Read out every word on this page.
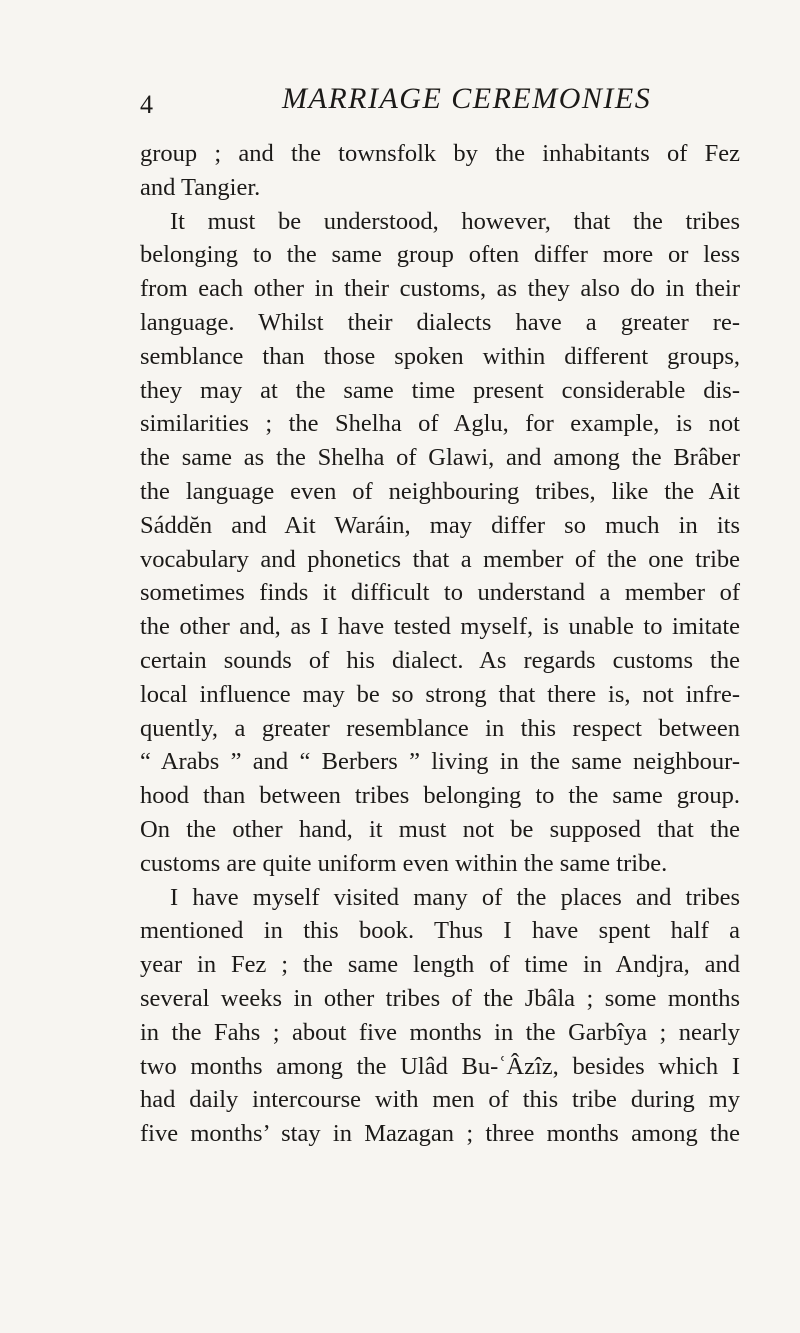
4	MARRIAGE CEREMONIES
group ; and the townsfolk by the inhabitants of Fez
and Tangier.
It must be understood, however, that the tribes
belonging to the same group often differ more or less
from each other in their customs, as they also do in their
language. Whilst their dialects have a greater re-
semblance than those spoken within different groups,
they may at the same time present considerable dis-
similarities ; the Shelha of Aglu, for example, is not
the same as the Shelha of Glawi, and among the Brâber
the language even of neighbouring tribes, like the Ait
Sáddĕn and Ait Waráin, may differ so much in its
vocabulary and phonetics that a member of the one tribe
sometimes finds it difficult to understand a member of
the other and, as I have tested myself, is unable to imitate
certain sounds of his dialect. As regards customs the
local influence may be so strong that there is, not infre-
quently, a greater resemblance in this respect between
“ Arabs ” and “ Berbers ” living in the same neighbour-
hood than between tribes belonging to the same group.
On the other hand, it must not be supposed that the
customs are quite uniform even within the same tribe.
I have myself visited many of the places and tribes
mentioned in this book. Thus I have spent half a
year in Fez ; the same length of time in Andjra, and
several weeks in other tribes of the Jbâla ; some months
in the Fahs ; about five months in the Garbîya ; nearly
two months among the Ulâd Bu-ʿÂzîz, besides which I
had daily intercourse with men of this tribe during my
five months’ stay in Mazagan ; three months among the
